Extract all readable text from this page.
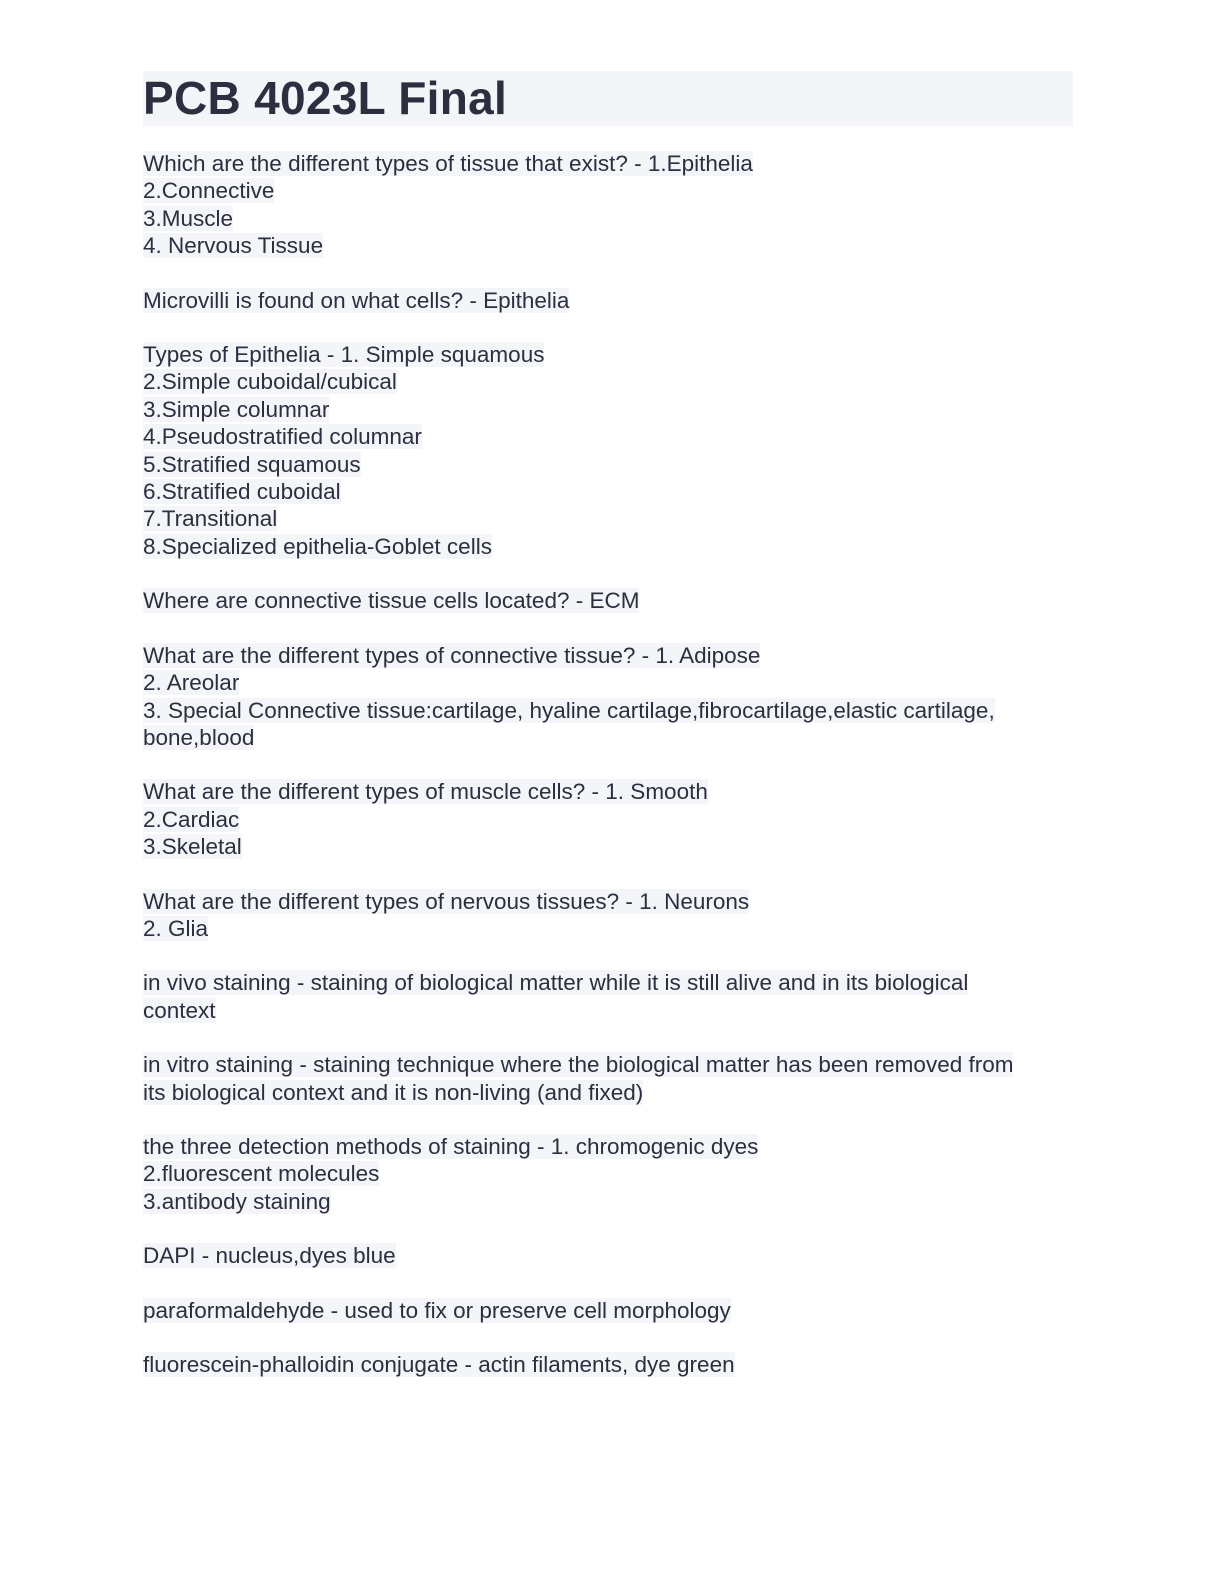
PCB 4023L Final
Which are the different types of tissue that exist? - 1.Epithelia
2.Connective
3.Muscle
4. Nervous Tissue
Microvilli is found on what cells? - Epithelia
Types of Epithelia - 1. Simple squamous
2.Simple cuboidal/cubical
3.Simple columnar
4.Pseudostratified columnar
5.Stratified squamous
6.Stratified cuboidal
7.Transitional
8.Specialized epithelia-Goblet cells
Where are connective tissue cells located? - ECM
What are the different types of connective tissue? - 1. Adipose
2. Areolar
3. Special Connective tissue:cartilage, hyaline cartilage,fibrocartilage,elastic cartilage,
bone,blood
What are the different types of muscle cells? - 1. Smooth
2.Cardiac
3.Skeletal
What are the different types of nervous tissues? - 1. Neurons
2. Glia
in vivo staining - staining of biological matter while it is still alive and in its biological
context
in vitro staining - staining technique where the biological matter has been removed from
its biological context and it is non-living (and fixed)
the three detection methods of staining - 1. chromogenic dyes
2.fluorescent molecules
3.antibody staining
DAPI - nucleus,dyes blue
paraformaldehyde - used to fix or preserve cell morphology
fluorescein-phalloidin conjugate - actin filaments, dye green
